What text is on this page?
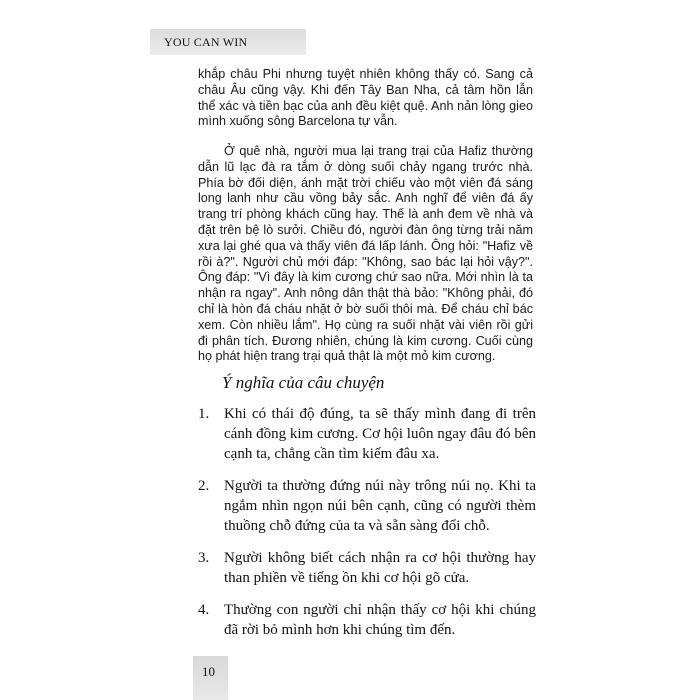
YOU CAN WIN

khắp châu Phi nhưng tuyệt nhiên không thấy có. Sang cả châu Âu cũng vậy. Khi đến Tây Ban Nha, cả tâm hồn lẫn thể xác và tiền bạc của anh đều kiệt quệ. Anh nản lòng gieo mình xuống sông Barcelona tự vẫn.

Ở quê nhà, người mua lại trang trại của Hafiz thường dẫn lũ lạc đà ra tắm ở dòng suối chảy ngang trước nhà. Phía bờ đối diện, ánh mặt trời chiếu vào một viên đá sáng long lanh như cầu vồng bảy sắc. Anh nghĩ để viên đá ấy trang trí phòng khách cũng hay. Thế là anh đem về nhà và đặt trên bệ lò sưởi. Chiều đó, người đàn ông từng trải năm xưa lại ghé qua và thấy viên đá lấp lánh. Ông hỏi: "Hafiz về rồi à?". Người chủ mới đáp: "Không, sao bác lại hỏi vậy?". Ông đáp: "Vì đây là kim cương chứ sao nữa. Mới nhìn là ta nhận ra ngay". Anh nông dân thật thà bảo: "Không phải, đó chỉ là hòn đá cháu nhặt ở bờ suối thôi mà. Để cháu chỉ bác xem. Còn nhiều lắm". Họ cùng ra suối nhặt vài viên rồi gửi đi phân tích. Đương nhiên, chúng là kim cương. Cuối cùng họ phát hiện trang trại quả thật là một mỏ kim cương.

Ý nghĩa của câu chuyện
1. Khi có thái độ đúng, ta sẽ thấy mình đang đi trên cánh đồng kim cương. Cơ hội luôn ngay đâu đó bên cạnh ta, chẳng cần tìm kiếm đâu xa.
2. Người ta thường đứng núi này trông núi nọ. Khi ta ngắm nhìn ngọn núi bên cạnh, cũng có người thèm thuồng chỗ đứng của ta và sẵn sàng đổi chỗ.
3. Người không biết cách nhận ra cơ hội thường hay than phiền về tiếng ồn khi cơ hội gõ cửa.
4. Thường con người chỉ nhận thấy cơ hội khi chúng đã rời bỏ mình hơn khi chúng tìm đến.
10
